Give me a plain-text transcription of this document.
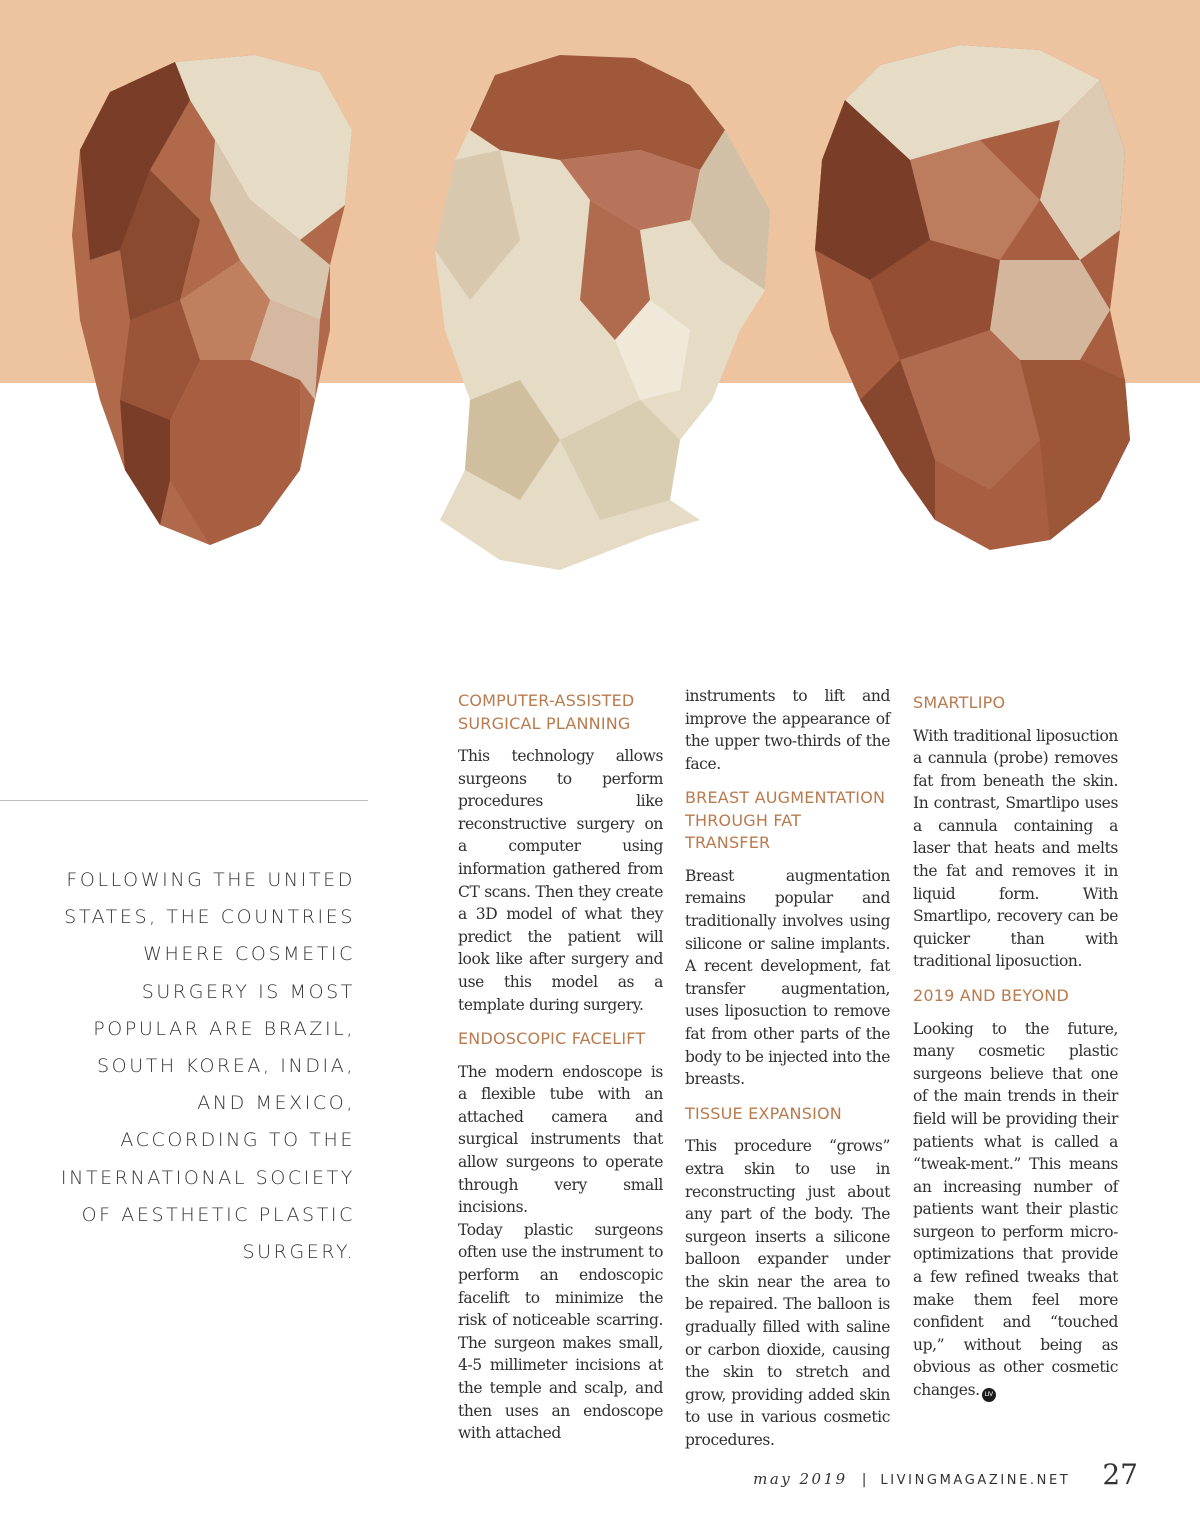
FOLLOWING THE UNITED STATES, THE COUNTRIES WHERE COSMETIC SURGERY IS MOST POPULAR ARE BRAZIL, SOUTH KOREA, INDIA, AND MEXICO, ACCORDING TO THE INTERNATIONAL SOCIETY OF AESTHETIC PLASTIC SURGERY.
COMPUTER-ASSISTED SURGICAL PLANNING

This technology allows surgeons to perform procedures like reconstructive surgery on a computer using information gathered from CT scans. Then they create a 3D model of what they predict the patient will look like after surgery and use this model as a template during surgery.

ENDOSCOPIC FACELIFT

The modern endoscope is a flexible tube with an attached camera and surgical instruments that allow surgeons to operate through very small incisions.

Today plastic surgeons often use the instrument to perform an endoscopic facelift to minimize the risk of noticeable scarring. The surgeon makes small, 4-5 millimeter incisions at the temple and scalp, and then uses an endoscope with attached

instruments to lift and improve the appearance of the upper two-thirds of the face.

BREAST AUGMENTATION THROUGH FAT TRANSFER

Breast augmentation remains popular and traditionally involves using silicone or saline implants. A recent development, fat transfer augmentation, uses liposuction to remove fat from other parts of the body to be injected into the breasts.

TISSUE EXPANSION

This procedure “grows” extra skin to use in reconstructing just about any part of the body. The surgeon inserts a silicone balloon expander under the skin near the area to be repaired. The balloon is gradually filled with saline or carbon dioxide, causing the skin to stretch and grow, providing added skin to use in various cosmetic procedures.

SMARTLIPO

With traditional liposuction a cannula (probe) removes fat from beneath the skin. In contrast, Smartlipo uses a cannula containing a laser that heats and melts the fat and removes it in liquid form. With Smartlipo, recovery can be quicker than with traditional liposuction.

2019 AND BEYOND

Looking to the future, many cosmetic plastic surgeons believe that one of the main trends in their field will be providing their patients what is called a “tweak-ment.” This means an increasing number of patients want their plastic surgeon to perform micro-optimizations that provide a few refined tweaks that make them feel more confident and “touched up,” without being as obvious as other cosmetic changes. LIV

may 2019 | LIVINGMAGAZINE.NET 27
